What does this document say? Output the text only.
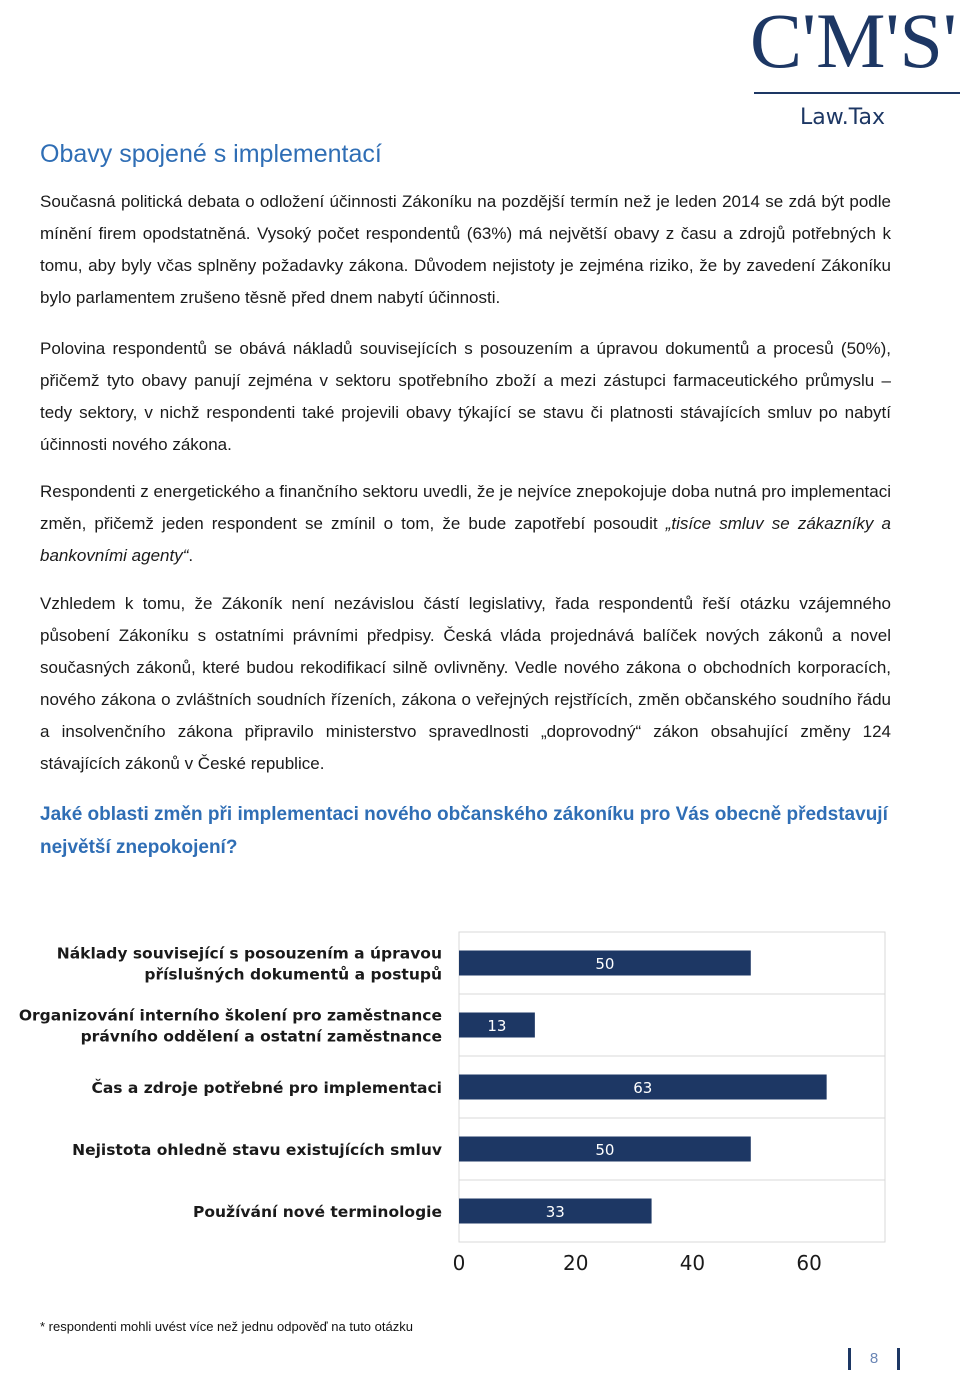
C'M'S'
Law.Tax
Obavy spojené s implementací

Současná politická debata o odložení účinnosti Zákoníku na pozdější termín než je leden 2014 se zdá být podle mínění firem opodstatněná. Vysoký počet respondentů (63%) má největší obavy z času a zdrojů potřebných k tomu, aby byly včas splněny požadavky zákona. Důvodem nejistoty je zejména riziko, že by zavedení Zákoníku bylo parlamentem zrušeno těsně před dnem nabytí účinnosti.

Polovina respondentů se obává nákladů souvisejících s posouzením a úpravou dokumentů a procesů (50%), přičemž tyto obavy panují zejména v sektoru spotřebního zboží a mezi zástupci farmaceutického průmyslu – tedy sektory, v nichž respondenti také projevili obavy týkající se stavu či platnosti stávajících smluv po nabytí účinnosti nového zákona.

Respondenti z energetického a finančního sektoru uvedli, že je nejvíce znepokojuje doba nutná pro implementaci změn, přičemž jeden respondent se zmínil o tom, že bude zapotřebí posoudit „tisíce smluv se zákazníky a bankovními agenty“.

Vzhledem k tomu, že Zákoník není nezávislou částí legislativy, řada respondentů řeší otázku vzájemného působení Zákoníku s ostatními právními předpisy. Česká vláda projednává balíček nových zákonů a novel současných zákonů, které budou rekodifikací silně ovlivněny. Vedle nového zákona o obchodních korporacích, nového zákona o zvláštních soudních řízeních, zákona o veřejných rejstřících, změn občanského soudního řádu a insolvenčního zákona připravilo ministerstvo spravedlnosti „doprovodný“ zákon obsahující změny 124 stávajících zákonů v České republice.

Jaké oblasti změn při implementaci nového občanského zákoníku pro Vás obecně představují největší znepokojení?

50
Náklady související s posouzením a úpravou
příslušných dokumentů a postupů
13
Organizování interního školení pro zaměstnance
právního oddělení a ostatní zaměstnance
63
Čas a zdroje potřebné pro implementaci
50
Nejistota ohledně stavu existujících smluv
33
Používání nové terminologie
0	20	40	60
* respondenti mohli uvést více než jednu odpověď na tuto otázku
8
